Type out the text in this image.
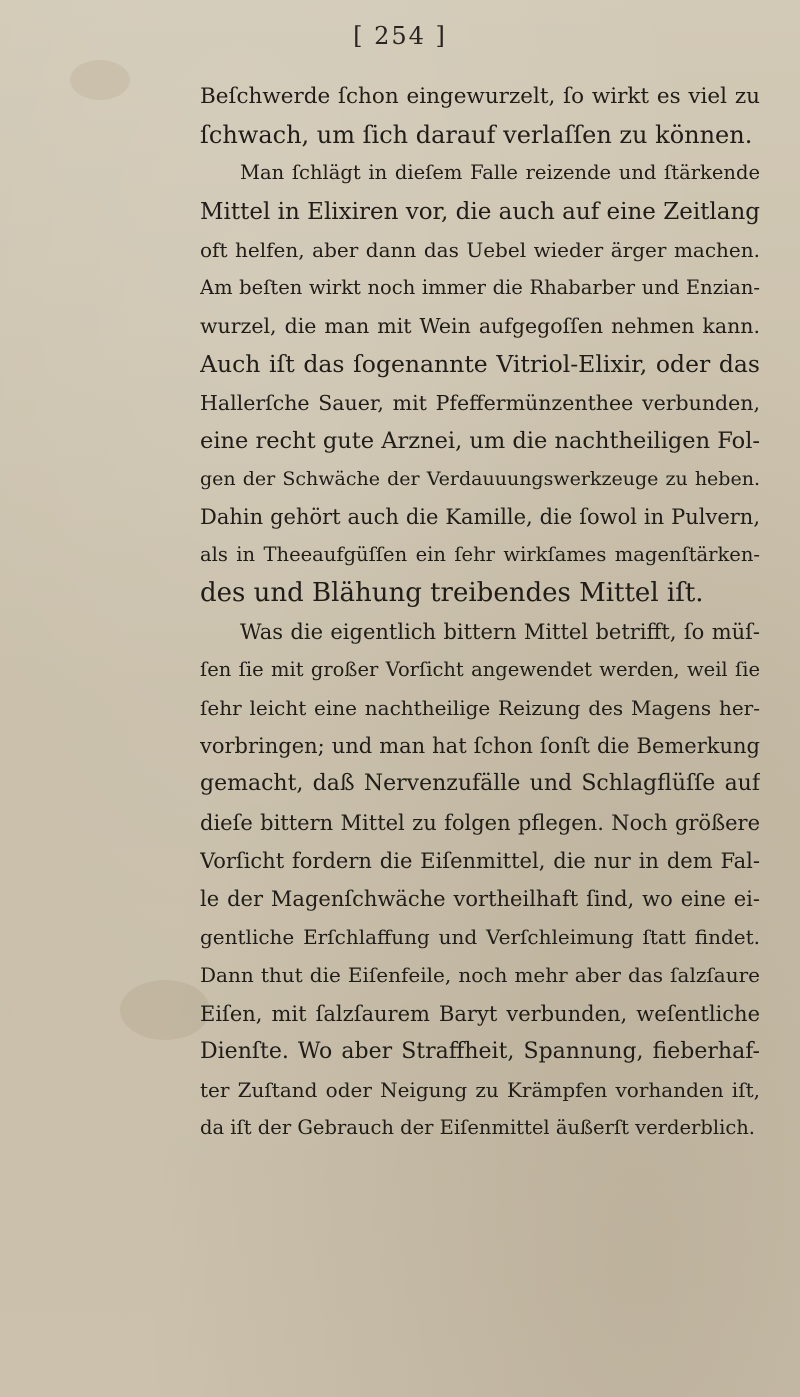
[ 254 ]
Beſchwerde ſchon eingewurzelt, ſo wirkt es viel zu
ſchwach, um ſich darauf verlaſſen zu können.
Man ſchlägt in dieſem Falle reizende und ſtärkende
Mittel in Elixiren vor, die auch auf eine Zeitlang
oft helfen, aber dann das Uebel wieder ärger machen.
Am beſten wirkt noch immer die Rhabarber und Enzian-
wurzel, die man mit Wein aufgegoſſen nehmen kann.
Auch iſt das ſogenannte Vitriol-Elixir, oder das
Hallerſche Sauer, mit Pfeffermünzenthee verbunden,
eine recht gute Arznei, um die nachtheiligen Fol-
gen der Schwäche der Verdauuungswerkzeuge zu heben.
Dahin gehört auch die Kamille, die ſowol in Pulvern,
als in Theeaufgüſſen ein ſehr wirkſames magenſtärken-
des und Blähung treibendes Mittel iſt.
Was die eigentlich bittern Mittel betrifft, ſo müſ-
ſen ſie mit großer Vorſicht angewendet werden, weil ſie
ſehr leicht eine nachtheilige Reizung des Magens her-
vorbringen; und man hat ſchon ſonſt die Bemerkung
gemacht, daß Nervenzufälle und Schlagflüſſe auf
dieſe bittern Mittel zu folgen pflegen. Noch größere
Vorſicht fordern die Eiſenmittel, die nur in dem Fal-
le der Magenſchwäche vortheilhaft ſind, wo eine ei-
gentliche Erſchlaffung und Verſchleimung ſtatt findet.
Dann thut die Eiſenfeile, noch mehr aber das ſalzſaure
Eiſen, mit ſalzſaurem Baryt verbunden, weſentliche
Dienſte. Wo aber Straffheit, Spannung, fieberhaf-
ter Zuſtand oder Neigung zu Krämpfen vorhanden iſt,
da iſt der Gebrauch der Eiſenmittel äußerſt verderblich.
